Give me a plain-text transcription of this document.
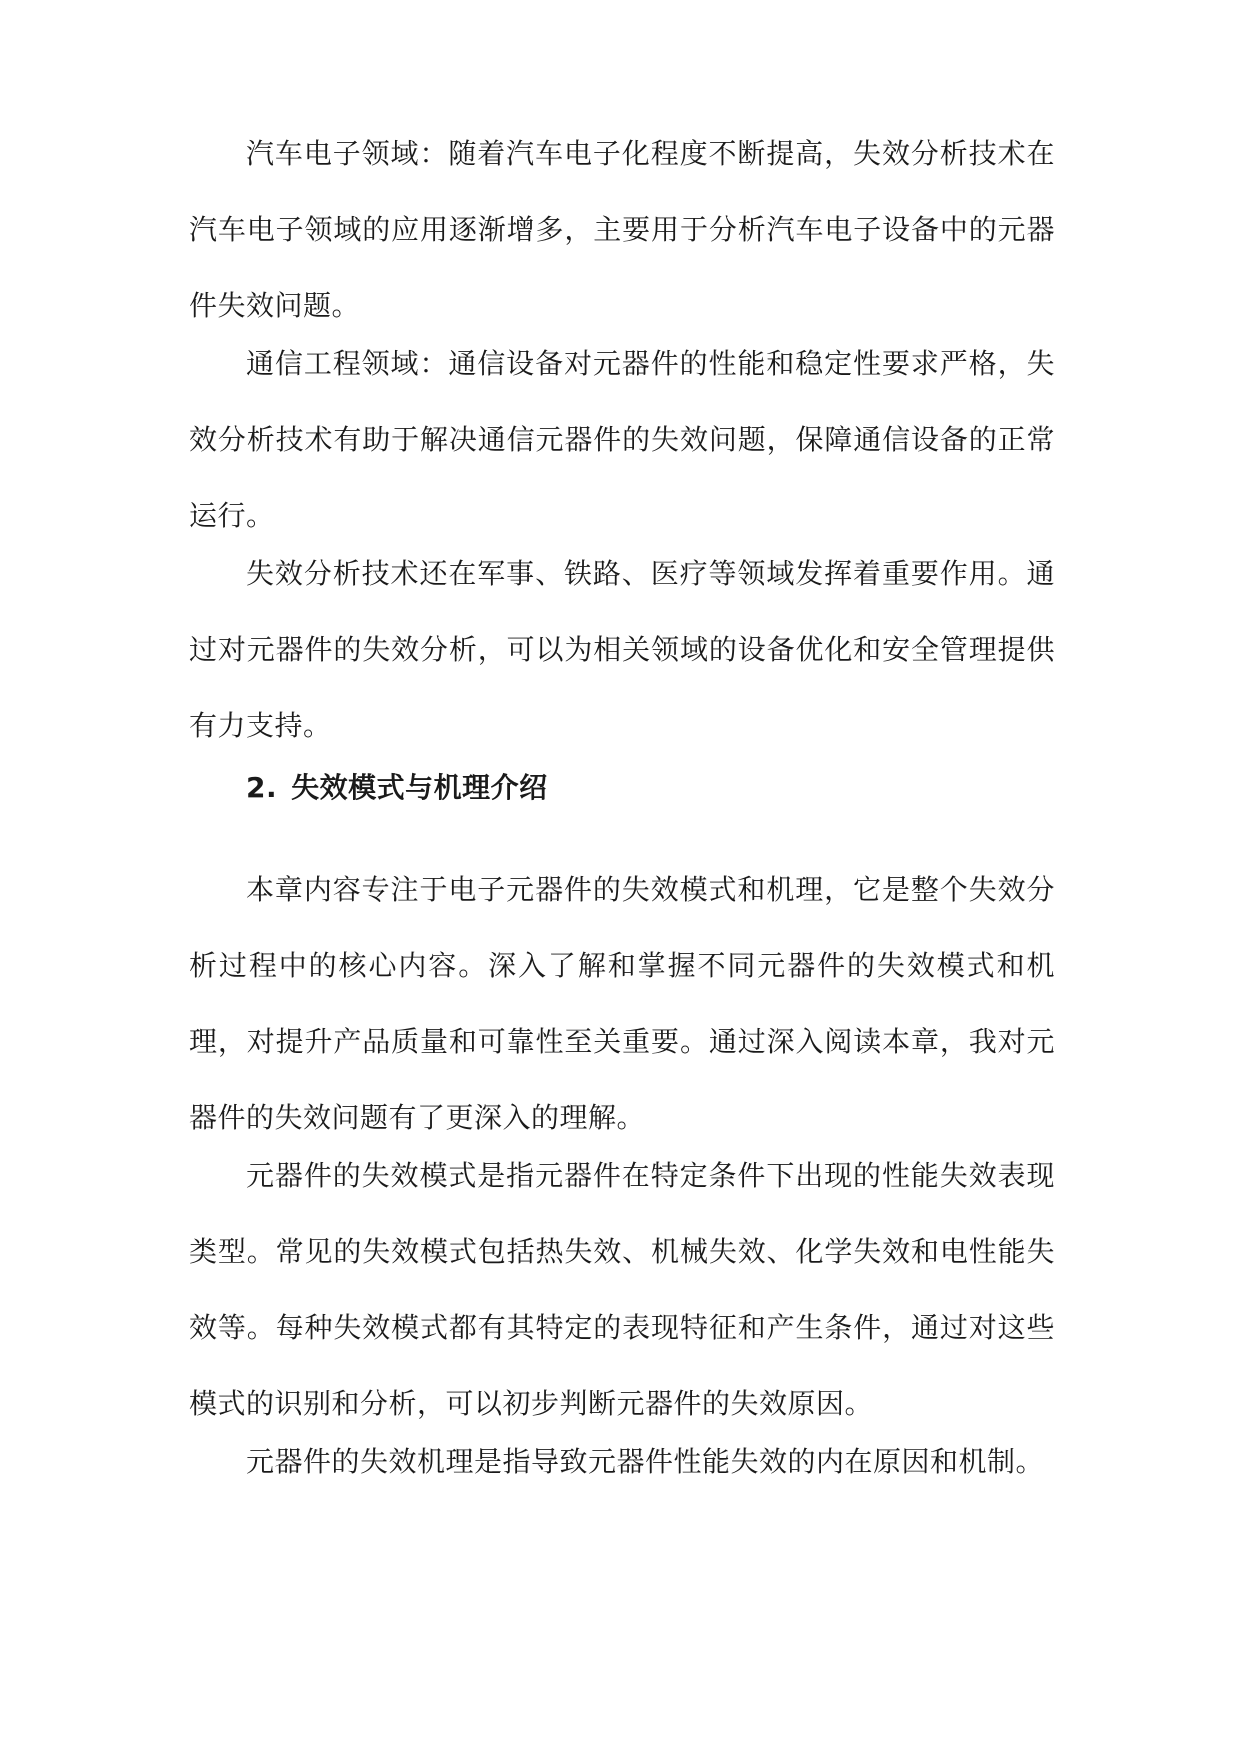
汽车电子领域：随着汽车电子化程度不断提高，失效分析技术在汽车电子领域的应用逐渐增多，主要用于分析汽车电子设备中的元器件失效问题。

通信工程领域：通信设备对元器件的性能和稳定性要求严格，失效分析技术有助于解决通信元器件的失效问题，保障通信设备的正常运行。

失效分析技术还在军事、铁路、医疗等领域发挥着重要作用。通过对元器件的失效分析，可以为相关领域的设备优化和安全管理提供有力支持。

2. 失效模式与机理介绍

本章内容专注于电子元器件的失效模式和机理，它是整个失效分析过程中的核心内容。深入了解和掌握不同元器件的失效模式和机理，对提升产品质量和可靠性至关重要。通过深入阅读本章，我对元器件的失效问题有了更深入的理解。

元器件的失效模式是指元器件在特定条件下出现的性能失效表现类型。常见的失效模式包括热失效、机械失效、化学失效和电性能失效等。每种失效模式都有其特定的表现特征和产生条件，通过对这些模式的识别和分析，可以初步判断元器件的失效原因。

元器件的失效机理是指导致元器件性能失效的内在原因和机制。
